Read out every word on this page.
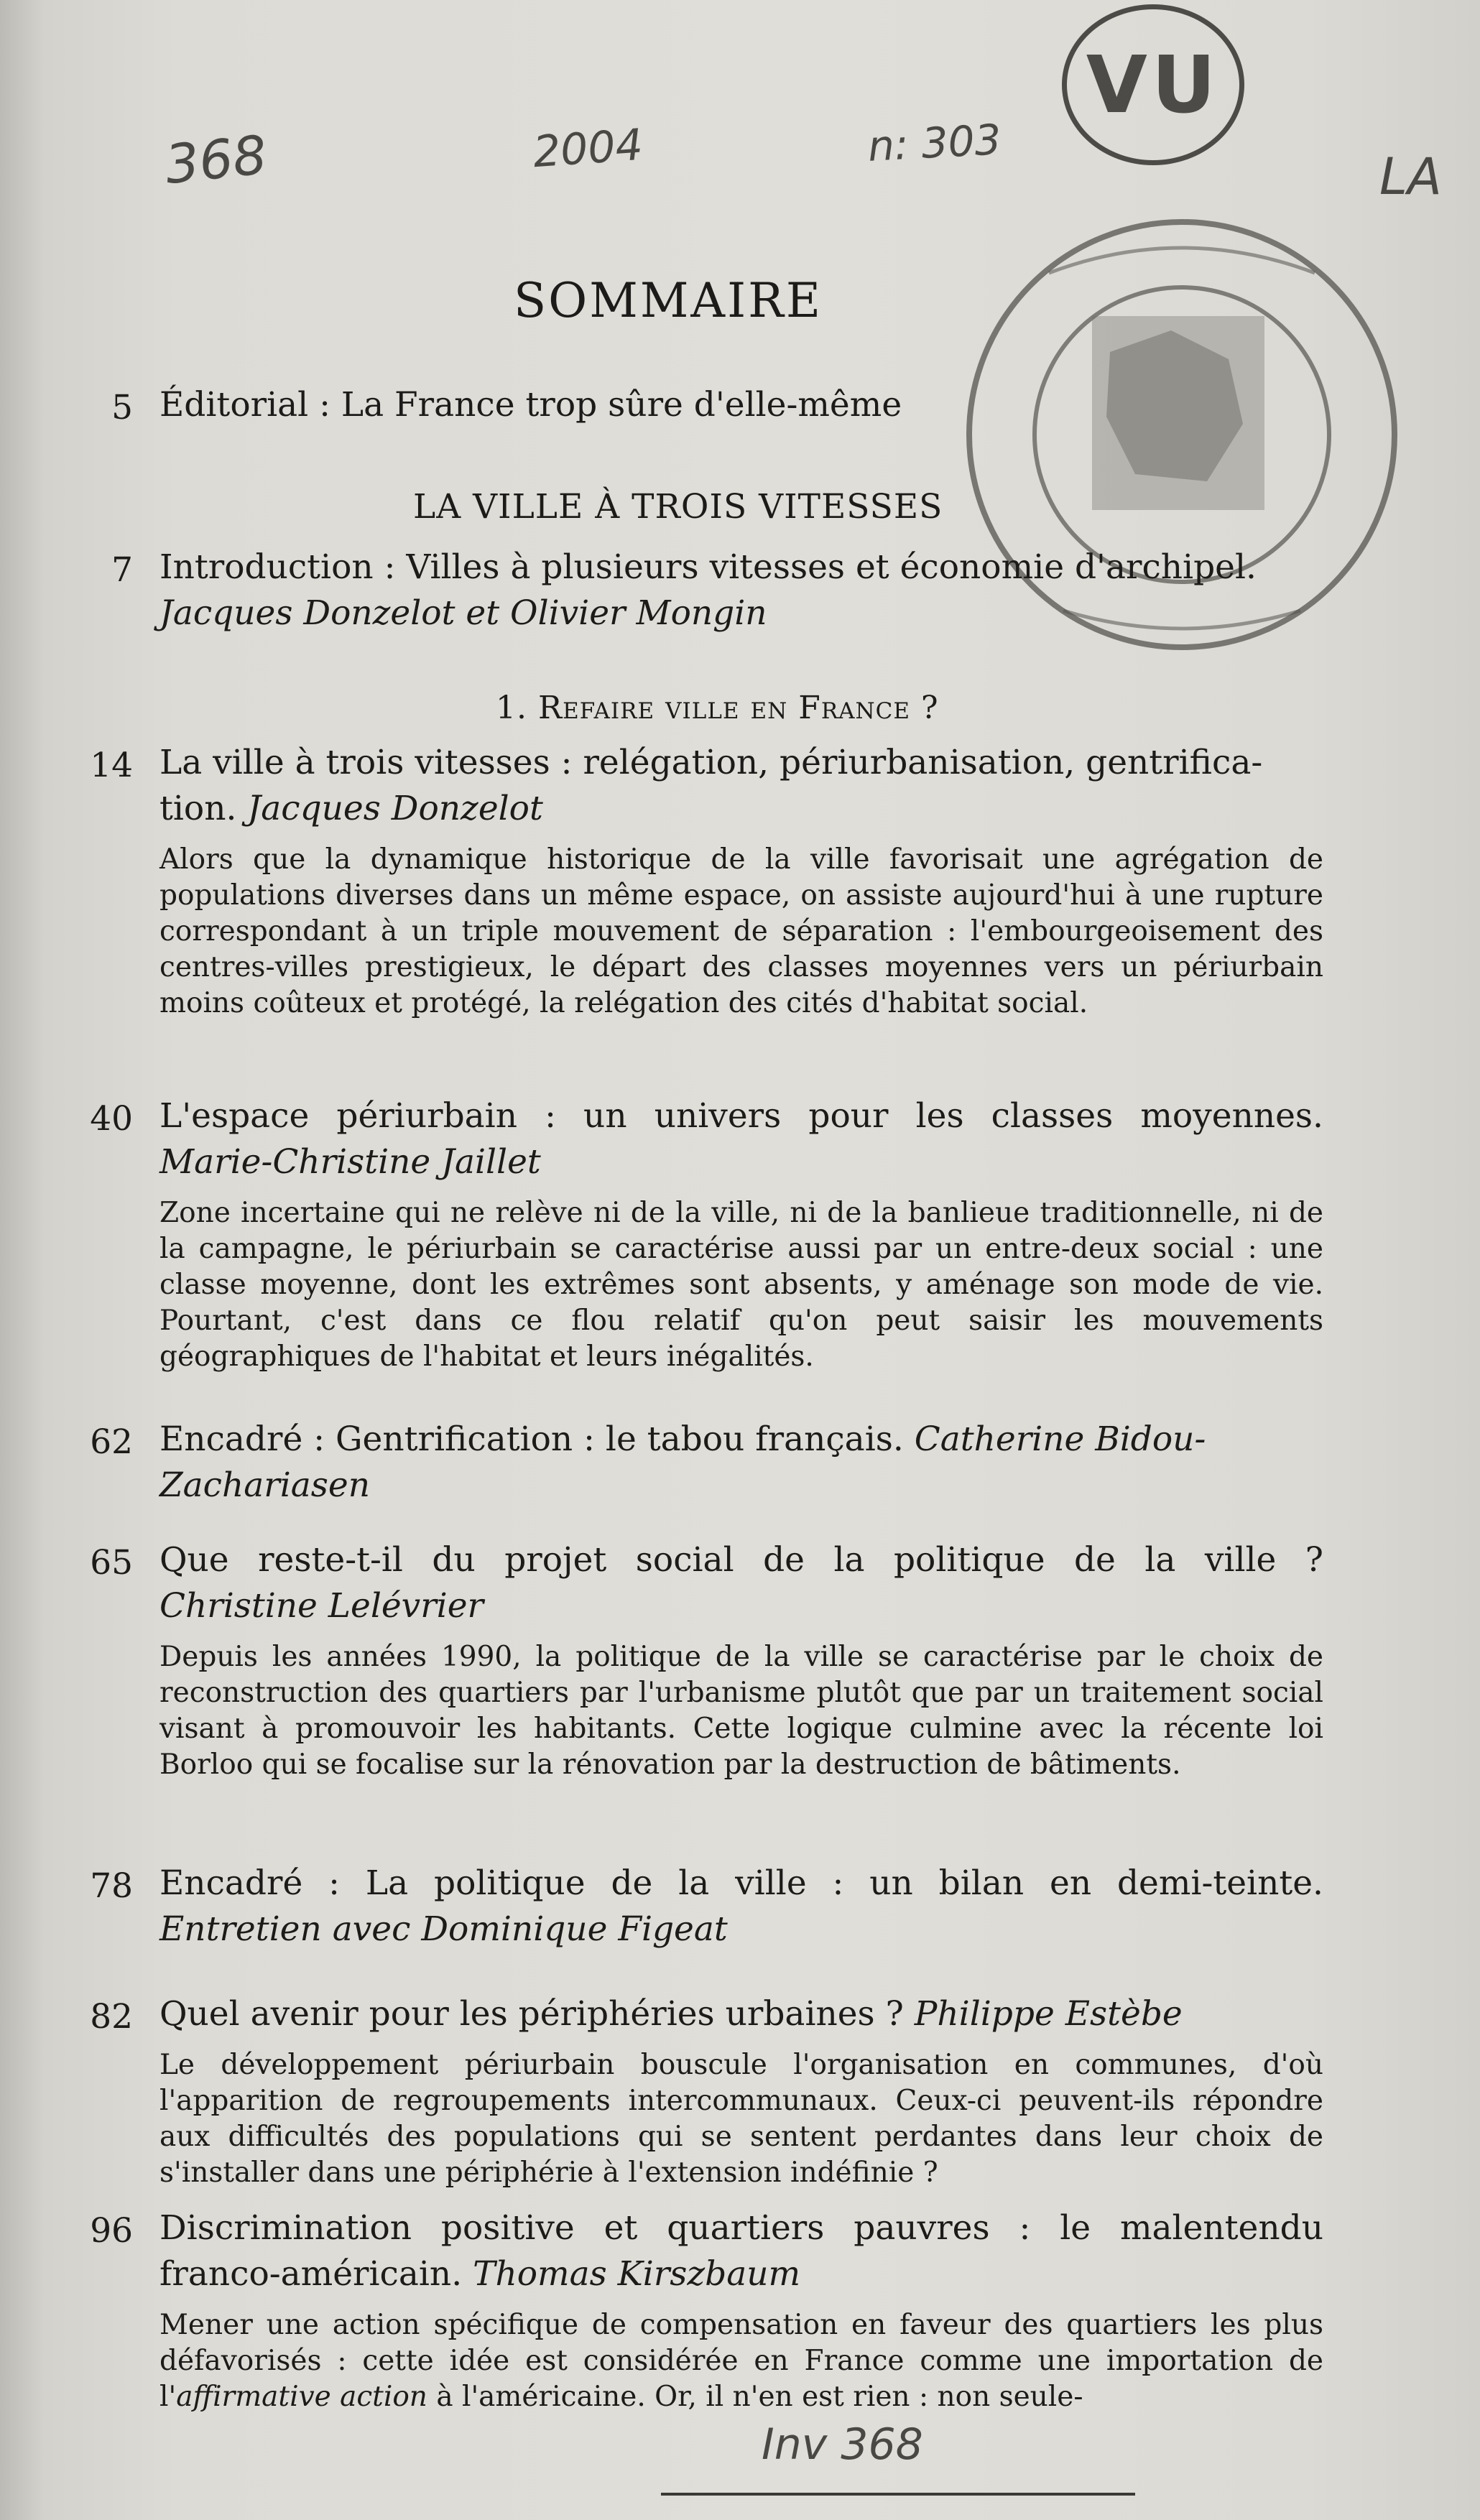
368	2004	n: 303
LA
VU
SOMMAIRE
5 Éditorial : La France trop sûre d'elle-même
LA VILLE À TROIS VITESSES
7 Introduction : Villes à plusieurs vitesses et économie d'archipel.
Jacques Donzelot et Olivier Mongin
1. Refaire ville en France ?
14 La ville à trois vitesses : relégation, périurbanisation, gentrifica-
tion. Jacques Donzelot
Alors que la dynamique historique de la ville favorisait une agrégation de populations diverses dans un même espace, on assiste aujourd'hui à une rupture correspondant à un triple mouvement de séparation : l'embourgeoisement des centres-villes prestigieux, le départ des classes moyennes vers un périurbain moins coûteux et protégé, la relégation des cités d'habitat social.
40 L'espace périurbain : un univers pour les classes moyennes.
Marie-Christine Jaillet
Zone incertaine qui ne relève ni de la ville, ni de la banlieue traditionnelle, ni de la campagne, le périurbain se caractérise aussi par un entre-deux social : une classe moyenne, dont les extrêmes sont absents, y aménage son mode de vie. Pourtant, c'est dans ce flou relatif qu'on peut saisir les mouvements géographiques de l'habitat et leurs inégalités.
62 Encadré : Gentrification : le tabou français. Catherine Bidou-Zachariasen
65 Que reste-t-il du projet social de la politique de la ville ?
Christine Lelévrier
Depuis les années 1990, la politique de la ville se caractérise par le choix de reconstruction des quartiers par l'urbanisme plutôt que par un traitement social visant à promouvoir les habitants. Cette logique culmine avec la récente loi Borloo qui se focalise sur la rénovation par la destruction de bâtiments.
78 Encadré : La politique de la ville : un bilan en demi-teinte.
Entretien avec Dominique Figeat
82 Quel avenir pour les périphéries urbaines ? Philippe Estèbe
Le développement périurbain bouscule l'organisation en communes, d'où l'apparition de regroupements intercommunaux. Ceux-ci peuvent-ils répondre aux difficultés des populations qui se sentent perdantes dans leur choix de s'installer dans une périphérie à l'extension indéfinie ?
96 Discrimination positive et quartiers pauvres : le malentendu
franco-américain. Thomas Kirszbaum
Mener une action spécifique de compensation en faveur des quartiers les plus défavorisés : cette idée est considérée en France comme une importation de l'affirmative action à l'américaine. Or, il n'en est rien : non seule-
Inv 368
